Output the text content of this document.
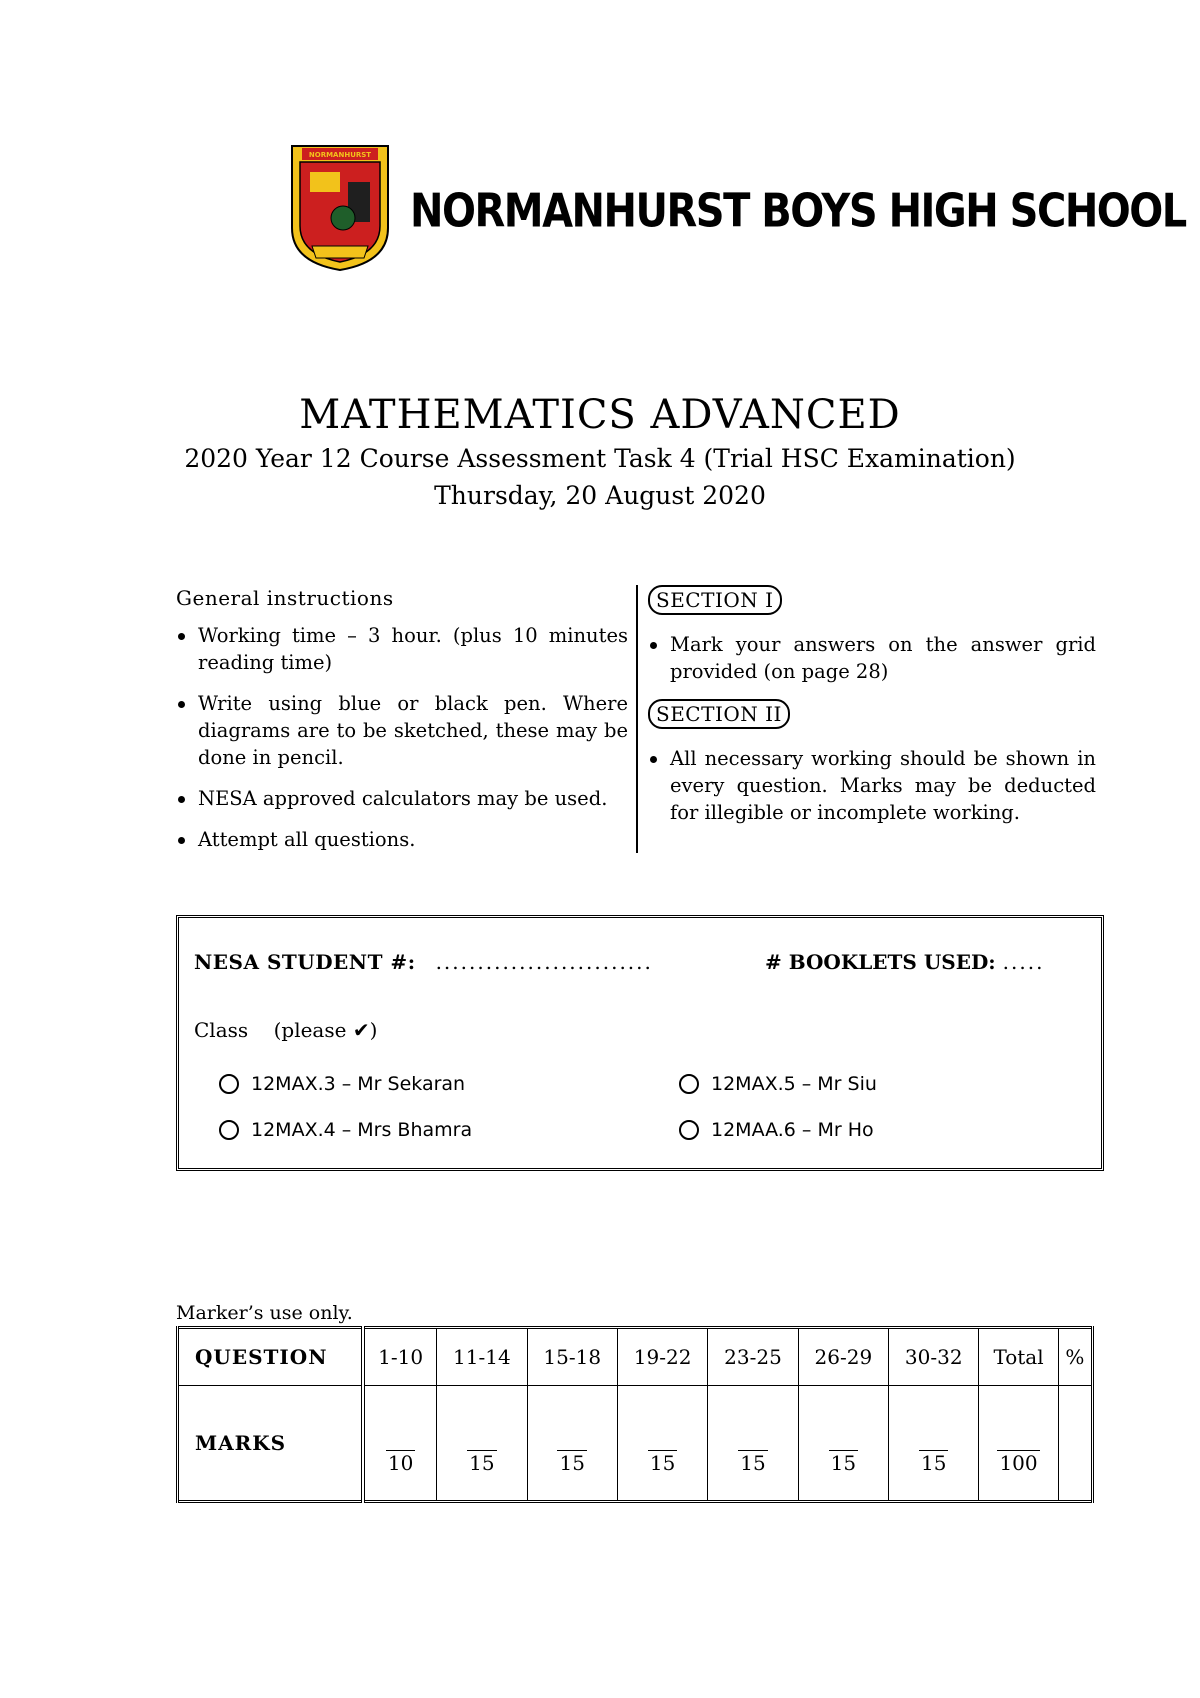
NORMANHURST
NORMANHURST BOYS HIGH SCHOOL
MATHEMATICS ADVANCED
2020 Year 12 Course Assessment Task 4 (Trial HSC Examination)
Thursday, 20 August 2020
General instructions
Working time – 3 hour. (plus 10 minutes reading time)
Write using blue or black pen. Where diagrams are to be sketched, these may be done in pencil.
NESA approved calculators may be used.
Attempt all questions.
SECTION I
Mark your answers on the answer grid provided (on page 28)
SECTION II
All necessary working should be shown in every question. Marks may be deducted for illegible or incomplete working.
NESA STUDENT #: ..........................	# BOOKLETS USED: .....
Class (please ✔)
12MAX.3 – Mr Sekaran	12MAX.5 – Mr Siu
12MAX.4 – Mrs Bhamra	12MAA.6 – Mr Ho
Marker’s use only.
QUESTION	1-10	11-14	15-18	19-22	23-25	26-29	30-32	Total	%
MARKS	10	15	15	15	15	15	15	100	
